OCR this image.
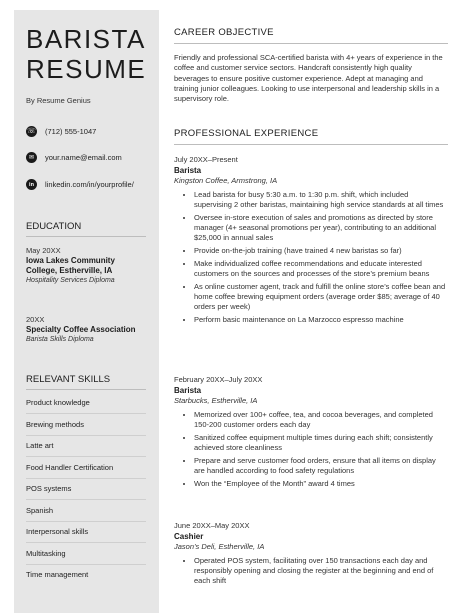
BARISTA
RESUME
By Resume Genius
☏ (712) 555-1047
✉ your.name@email.com
in linkedin.com/in/yourprofile/
EDUCATION
May 20XX
Iowa Lakes Community College, Estherville, IA
Hospitality Services Diploma
20XX
Specialty Coffee Association
Barista Skills Diploma
RELEVANT SKILLS
Product knowledge
Brewing methods
Latte art
Food Handler Certification
POS systems
Spanish
Interpersonal skills
Multitasking
Time management
CAREER OBJECTIVE

Friendly and professional SCA-certified barista with 4+ years of experience in the coffee and customer service sectors. Handcraft consistently high quality beverages to ensure positive customer experience. Adept at managing and training junior colleagues. Looking to use interpersonal and leadership skills in a supervisory role.

PROFESSIONAL EXPERIENCE
July 20XX–Present
Barista
Kingston Coffee, Armstrong, IA
• Lead barista for busy 5:30 a.m. to 1:30 p.m. shift, which included supervising 2 other baristas, maintaining high service standards at all times
• Oversee in-store execution of sales and promotions as directed by store manager (4+ seasonal promotions per year), contributing to an additional $25,000 in annual sales
• Provide on-the-job training (have trained 4 new baristas so far)
• Make individualized coffee recommendations and educate interested customers on the sources and processes of the store’s premium beans
• As online customer agent, track and fulfill the online store’s coffee bean and home coffee brewing equipment orders (average order $85; average of 40 orders per week)
• Perform basic maintenance on La Marzocco espresso machine
February 20XX–July 20XX
Barista
Starbucks, Estherville, IA
• Memorized over 100+ coffee, tea, and cocoa beverages, and completed 150-200 customer orders each day
• Sanitized coffee equipment multiple times during each shift; consistently achieved store cleanliness
• Prepare and serve customer food orders, ensure that all items on display are handled according to food safety regulations
• Won the “Employee of the Month” award 4 times
June 20XX–May 20XX
Cashier
Jason’s Deli, Estherville, IA
• Operated POS system, facilitating over 150 transactions each day and responsibly opening and closing the register at the beginning and end of each shift
